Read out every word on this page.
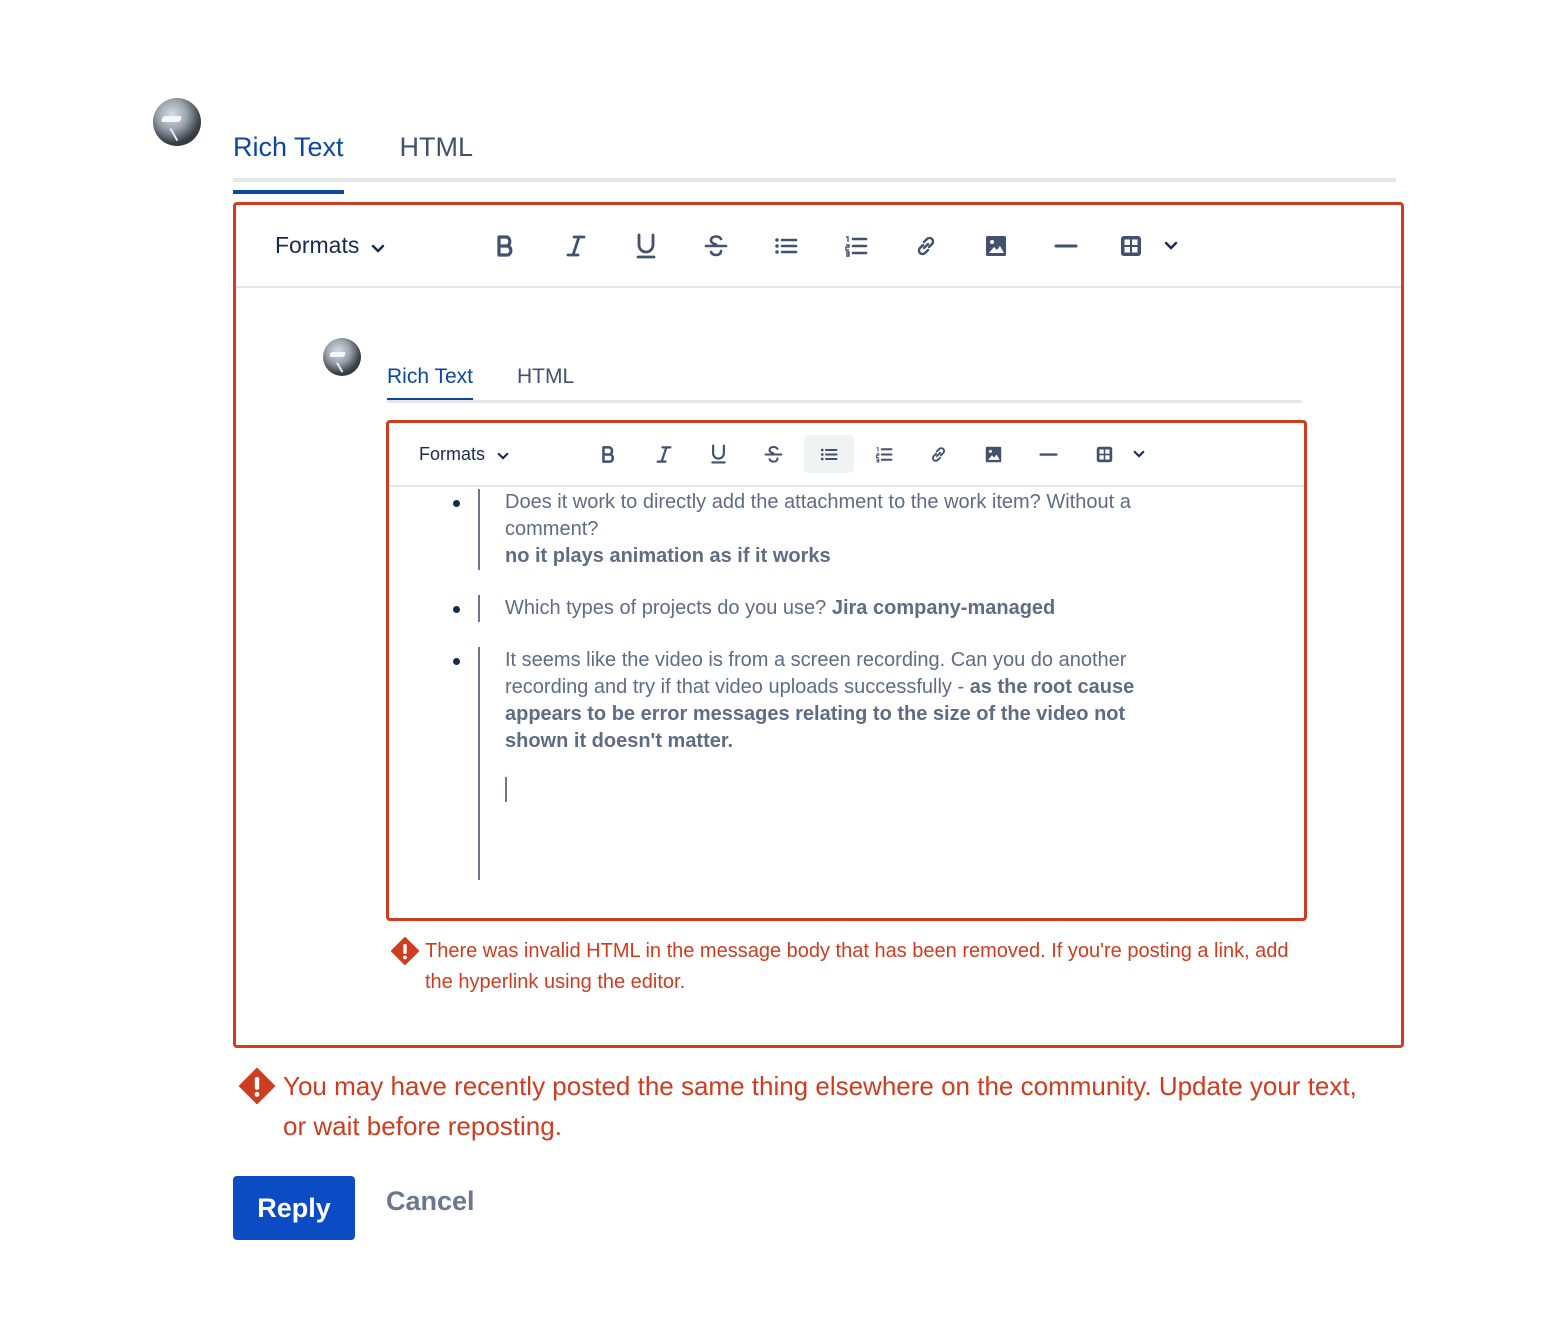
Rich Text HTML
Formats
Rich Text HTML
Formats
Does it work to directly add the attachment to the work item? Without a
comment?
no it plays animation as if it works
Which types of projects do you use? Jira company-managed
It seems like the video is from a screen recording. Can you do another
recording and try if that video uploads successfully - as the root cause
appears to be error messages relating to the size of the video not
shown it doesn't matter.
There was invalid HTML in the message body that has been removed. If you're posting a link, add the hyperlink using the editor.
You may have recently posted the same thing elsewhere on the community. Update your text, or wait before reposting.
Reply	Cancel
